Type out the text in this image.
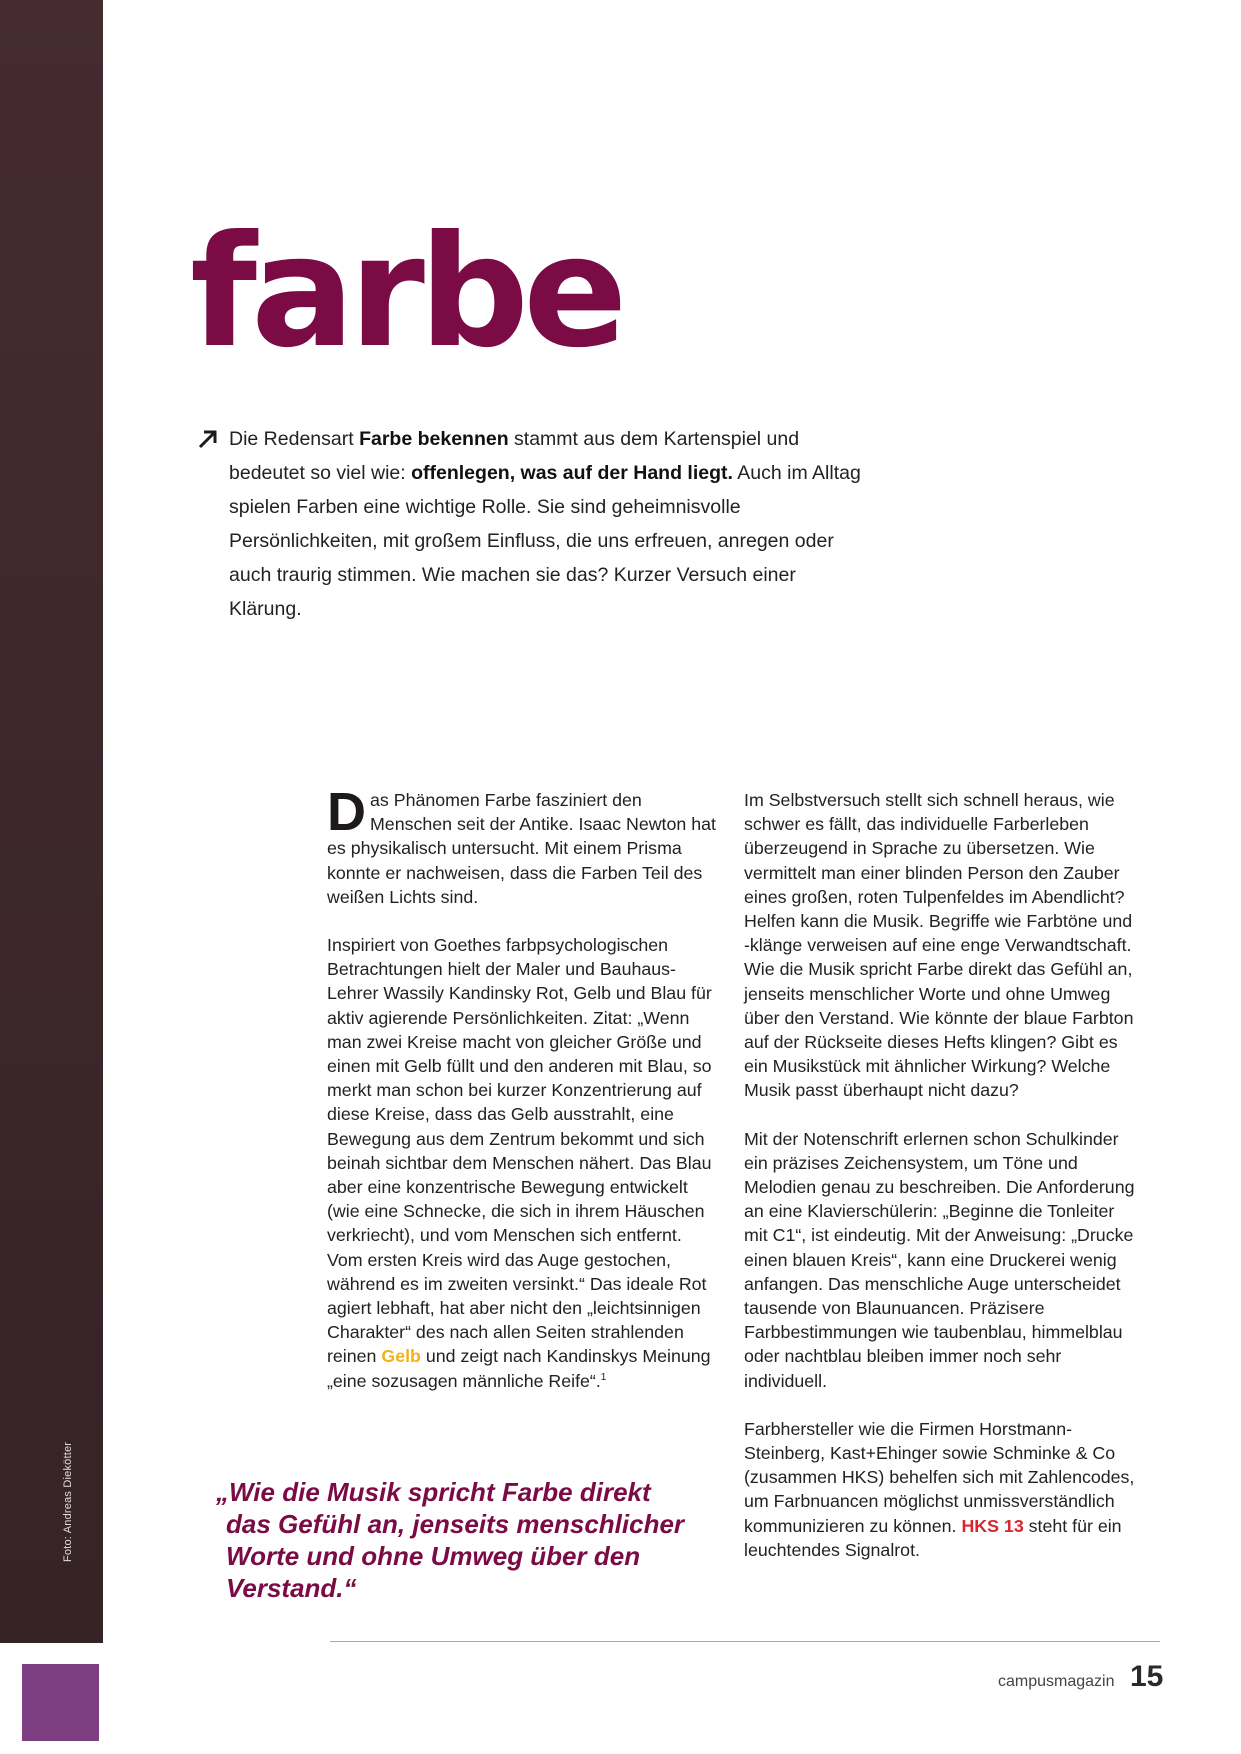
Foto: Andreas Diekötter
farbe

Die Redensart Farbe bekennen stammt aus dem Kartenspiel und bedeutet so viel wie: offenlegen, was auf der Hand liegt. Auch im Alltag spielen Farben eine wichtige Rolle. Sie sind geheimnisvolle Persönlichkeiten, mit großem Einfluss, die uns erfreuen, anregen oder auch traurig stimmen. Wie machen sie das? Kurzer Versuch einer Klärung.

Das Phänomen Farbe fasziniert den Menschen seit der Antike. Isaac Newton hat es physikalisch untersucht. Mit einem Prisma konnte er nachweisen, dass die Farben Teil des weißen Lichts sind.

Inspiriert von Goethes farbpsychologischen Betrachtungen hielt der Maler und Bauhaus-Lehrer Wassily Kandinsky Rot, Gelb und Blau für aktiv agierende Persönlichkeiten. Zitat: „Wenn man zwei Kreise macht von gleicher Größe und einen mit Gelb füllt und den anderen mit Blau, so merkt man schon bei kurzer Konzentrierung auf diese Kreise, dass das Gelb ausstrahlt, eine Bewegung aus dem Zentrum bekommt und sich beinah sichtbar dem Menschen nähert. Das Blau aber eine konzentrische Bewegung entwickelt (wie eine Schnecke, die sich in ihrem Häuschen verkriecht), und vom Menschen sich entfernt. Vom ersten Kreis wird das Auge gestochen, während es im zweiten versinkt.“ Das ideale Rot agiert lebhaft, hat aber nicht den „leichtsinnigen Charakter“ des nach allen Seiten strahlenden reinen Gelb und zeigt nach Kandinskys Meinung „eine sozusagen männliche Reife“.$^1$

Im Selbstversuch stellt sich schnell heraus, wie schwer es fällt, das individuelle Farberleben überzeugend in Sprache zu übersetzen. Wie vermittelt man einer blinden Person den Zauber eines großen, roten Tulpenfeldes im Abendlicht? Helfen kann die Musik. Begriffe wie Farbtöne und -klänge verweisen auf eine enge Verwandtschaft. Wie die Musik spricht Farbe direkt das Gefühl an, jenseits menschlicher Worte und ohne Umweg über den Verstand. Wie könnte der blaue Farbton auf der Rückseite dieses Hefts klingen? Gibt es ein Musikstück mit ähnlicher Wirkung? Welche Musik passt überhaupt nicht dazu?

Mit der Notenschrift erlernen schon Schulkinder ein präzises Zeichensystem, um Töne und Melodien genau zu beschreiben. Die Anforderung an eine Klavierschülerin: „Beginne die Tonleiter mit C1“, ist eindeutig. Mit der Anweisung: „Drucke einen blauen Kreis“, kann eine Druckerei wenig anfangen. Das menschliche Auge unterscheidet tausende von Blaunuancen. Präzisere Farbbestimmungen wie taubenblau, himmelblau oder nachtblau bleiben immer noch sehr individuell.

Farbhersteller wie die Firmen Horstmann-Steinberg, Kast+Ehinger sowie Schminke & Co (zusammen HKS) behelfen sich mit Zahlencodes, um Farbnuancen möglichst unmissverständlich kommunizieren zu können. HKS 13 steht für ein leuchtendes Signalrot.

„Wie die Musik spricht Farbe direkt das Gefühl an, jenseits menschlicher Worte und ohne Umweg über den Verstand.“

campusmagazin 15
